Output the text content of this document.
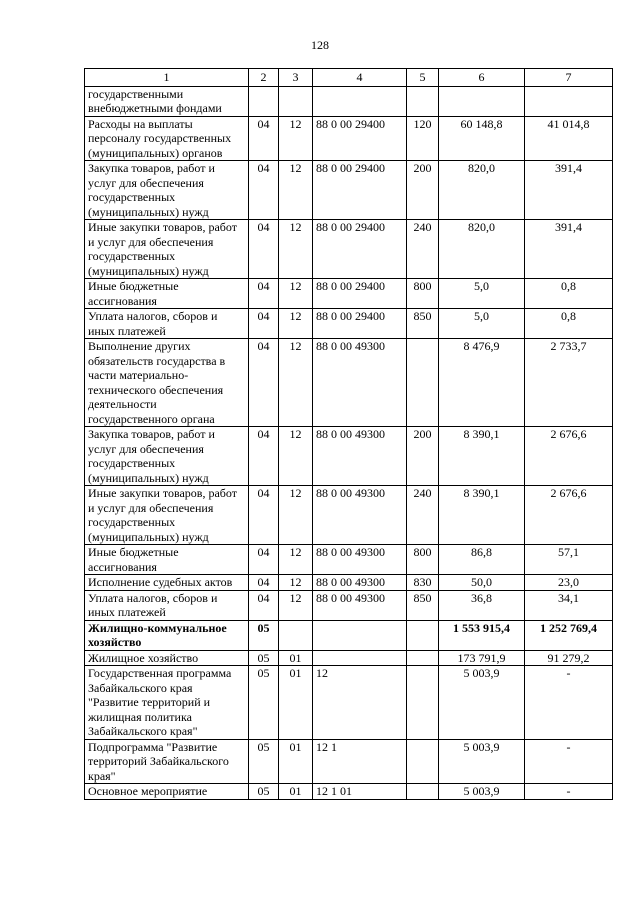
128
1	2	3	4	5	6	7
государственными внебюджетными фондами						
Расходы на выплаты персоналу государственных (муниципальных) органов	04	12	88 0 00 29400	120	60 148,8	41 014,8
Закупка товаров, работ и услуг для обеспечения государственных (муниципальных) нужд	04	12	88 0 00 29400	200	820,0	391,4
Иные закупки товаров, работ и услуг для обеспечения государственных (муниципальных) нужд	04	12	88 0 00 29400	240	820,0	391,4
Иные бюджетные ассигнования	04	12	88 0 00 29400	800	5,0	0,8
Уплата налогов, сборов и иных платежей	04	12	88 0 00 29400	850	5,0	0,8
Выполнение других обязательств государства в части материально-технического обеспечения деятельности государственного органа	04	12	88 0 00 49300		8 476,9	2 733,7
Закупка товаров, работ и услуг для обеспечения государственных (муниципальных) нужд	04	12	88 0 00 49300	200	8 390,1	2 676,6
Иные закупки товаров, работ и услуг для обеспечения государственных (муниципальных) нужд	04	12	88 0 00 49300	240	8 390,1	2 676,6
Иные бюджетные ассигнования	04	12	88 0 00 49300	800	86,8	57,1
Исполнение судебных актов	04	12	88 0 00 49300	830	50,0	23,0
Уплата налогов, сборов и иных платежей	04	12	88 0 00 49300	850	36,8	34,1
Жилищно-коммунальное хозяйство	05				1 553 915,4	1 252 769,4
Жилищное хозяйство	05	01			173 791,9	91 279,2
Государственная программа Забайкальского края "Развитие территорий и жилищная политика Забайкальского края"	05	01	12		5 003,9	-
Подпрограмма "Развитие территорий Забайкальского края"	05	01	12 1		5 003,9	-
Основное мероприятие	05	01	12 1 01		5 003,9	-
